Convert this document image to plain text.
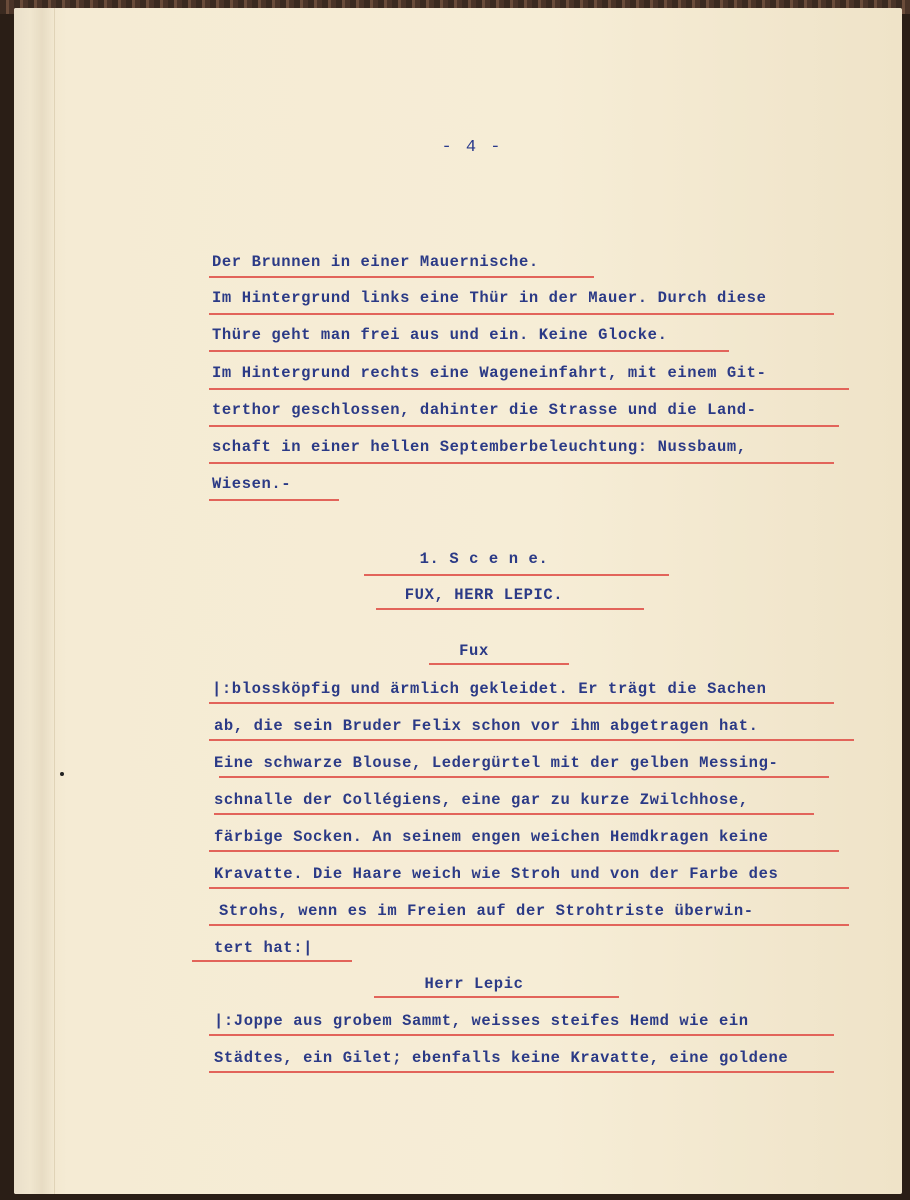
- 4 -
Der Brunnen in einer Mauernische.
Im Hintergrund links eine Thür in der Mauer. Durch diese
Thüre geht man frei aus und ein. Keine Glocke.
Im Hintergrund rechts eine Wageneinfahrt, mit einem Git-
terthor geschlossen, dahinter die Strasse und die Land-
schaft in einer hellen Septemberbeleuchtung: Nussbaum,
Wiesen.-
1. S c e n e.
FUX, HERR LEPIC.
Fux
|:blossköpfig und ärmlich gekleidet. Er trägt die Sachen
ab, die sein Bruder Felix schon vor ihm abgetragen hat.
Eine schwarze Blouse, Ledergürtel mit der gelben Messing-
schnalle der Collégiens, eine gar zu kurze Zwilchhose,
färbige Socken. An seinem engen weichen Hemdkragen keine
Kravatte. Die Haare weich wie Stroh und von der Farbe des
Strohs, wenn es im Freien auf der Strohtriste überwin-
tert hat:|
Herr Lepic
|:Joppe aus grobem Sammt, weisses steifes Hemd wie ein
Städtes, ein Gilet; ebenfalls keine Kravatte, eine goldene
